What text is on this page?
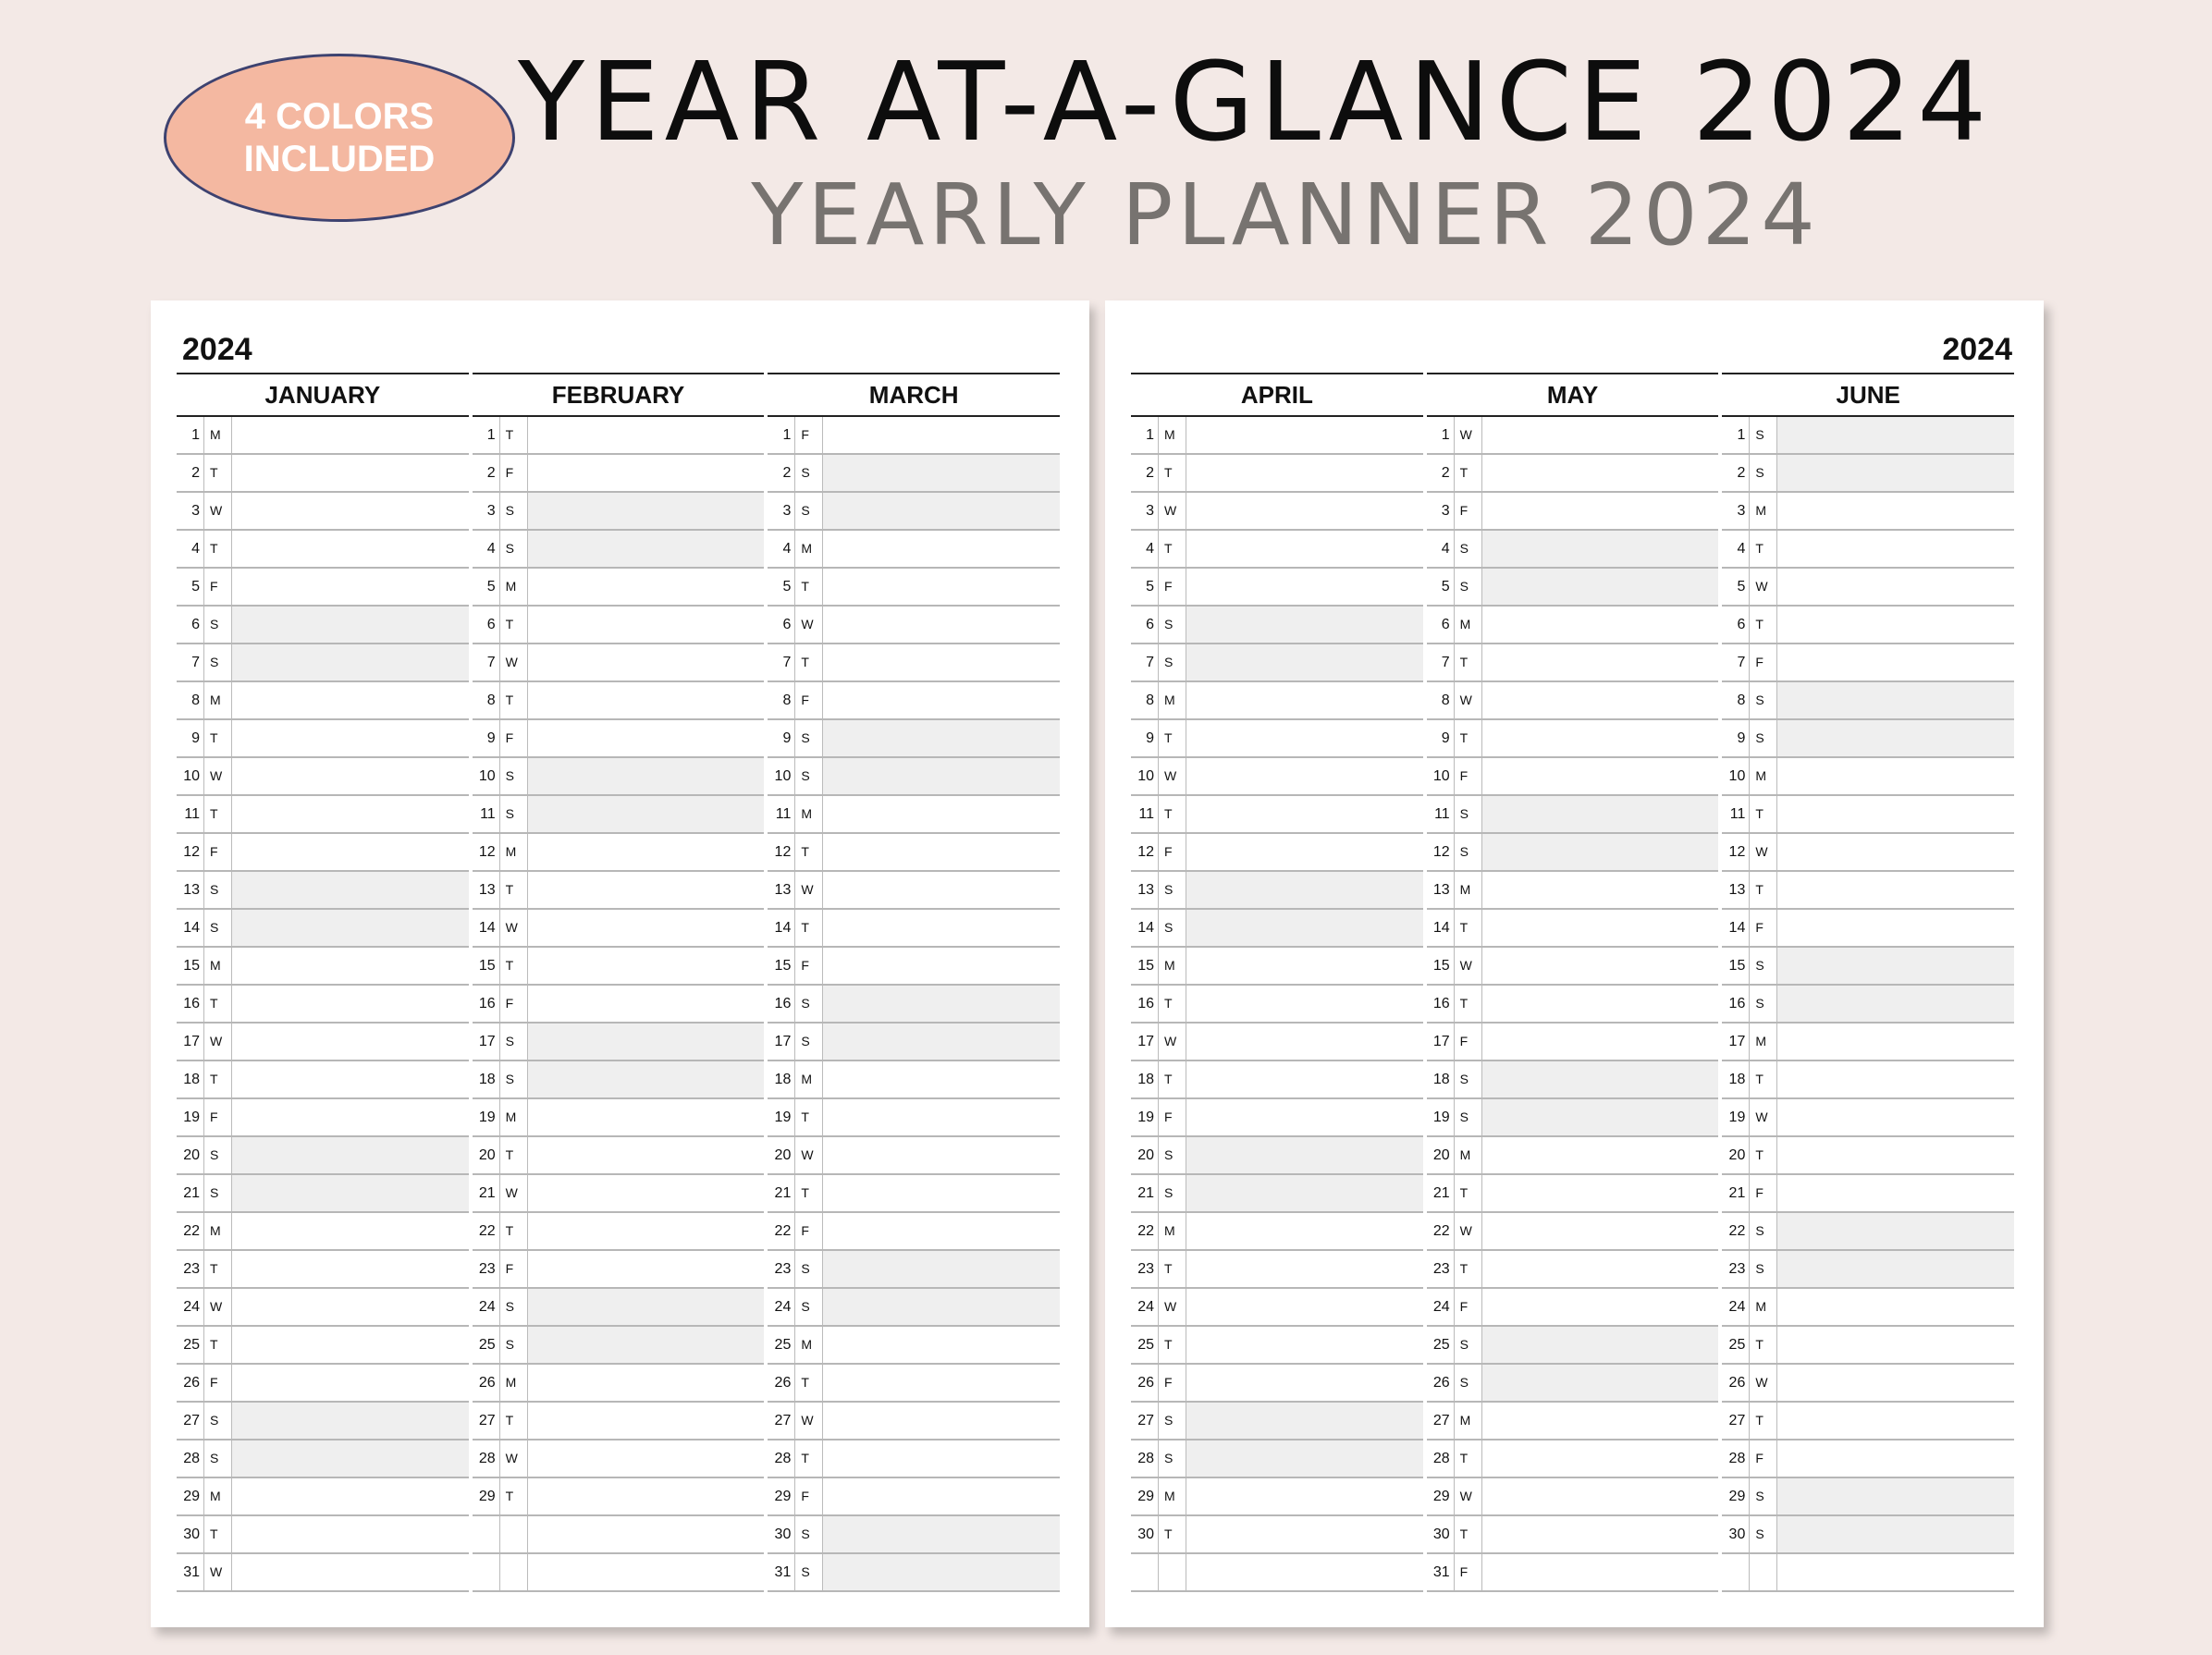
4 COLORS
INCLUDED YEAR AT-A-GLANCE 2024
YEARLY PLANNER 2024
2024
JANUARY
1 M
2 T
3 W
4 T
5 F
6 S
7 S
8 M
9 T
10 W
11 T
12 F
13 S
14 S
15 M
16 T
17 W
18 T
19 F
20 S
21 S
22 M
23 T
24 W
25 T
26 F
27 S
28 S
29 M
30 T
31 W
FEBRUARY
1 T
2 F
3 S
4 S
5 M
6 T
7 W
8 T
9 F
10 S
11 S
12 M
13 T
14 W
15 T
16 F
17 S
18 S
19 M
20 T
21 W
22 T
23 F
24 S
25 S
26 M
27 T
28 W
29 T
MARCH
1 F
2 S
3 S
4 M
5 T
6 W
7 T
8 F
9 S
10 S
11 M
12 T
13 W
14 T
15 F
16 S
17 S
18 M
19 T
20 W
21 T
22 F
23 S
24 S
25 M
26 T
27 W
28 T
29 F
30 S
31 S
2024
APRIL
1 M
2 T
3 W
4 T
5 F
6 S
7 S
8 M
9 T
10 W
11 T
12 F
13 S
14 S
15 M
16 T
17 W
18 T
19 F
20 S
21 S
22 M
23 T
24 W
25 T
26 F
27 S
28 S
29 M
30 T
MAY
1 W
2 T
3 F
4 S
5 S
6 M
7 T
8 W
9 T
10 F
11 S
12 S
13 M
14 T
15 W
16 T
17 F
18 S
19 S
20 M
21 T
22 W
23 T
24 F
25 S
26 S
27 M
28 T
29 W
30 T
31 F
JUNE
1 S
2 S
3 M
4 T
5 W
6 T
7 F
8 S
9 S
10 M
11 T
12 W
13 T
14 F
15 S
16 S
17 M
18 T
19 W
20 T
21 F
22 S
23 S
24 M
25 T
26 W
27 T
28 F
29 S
30 S
